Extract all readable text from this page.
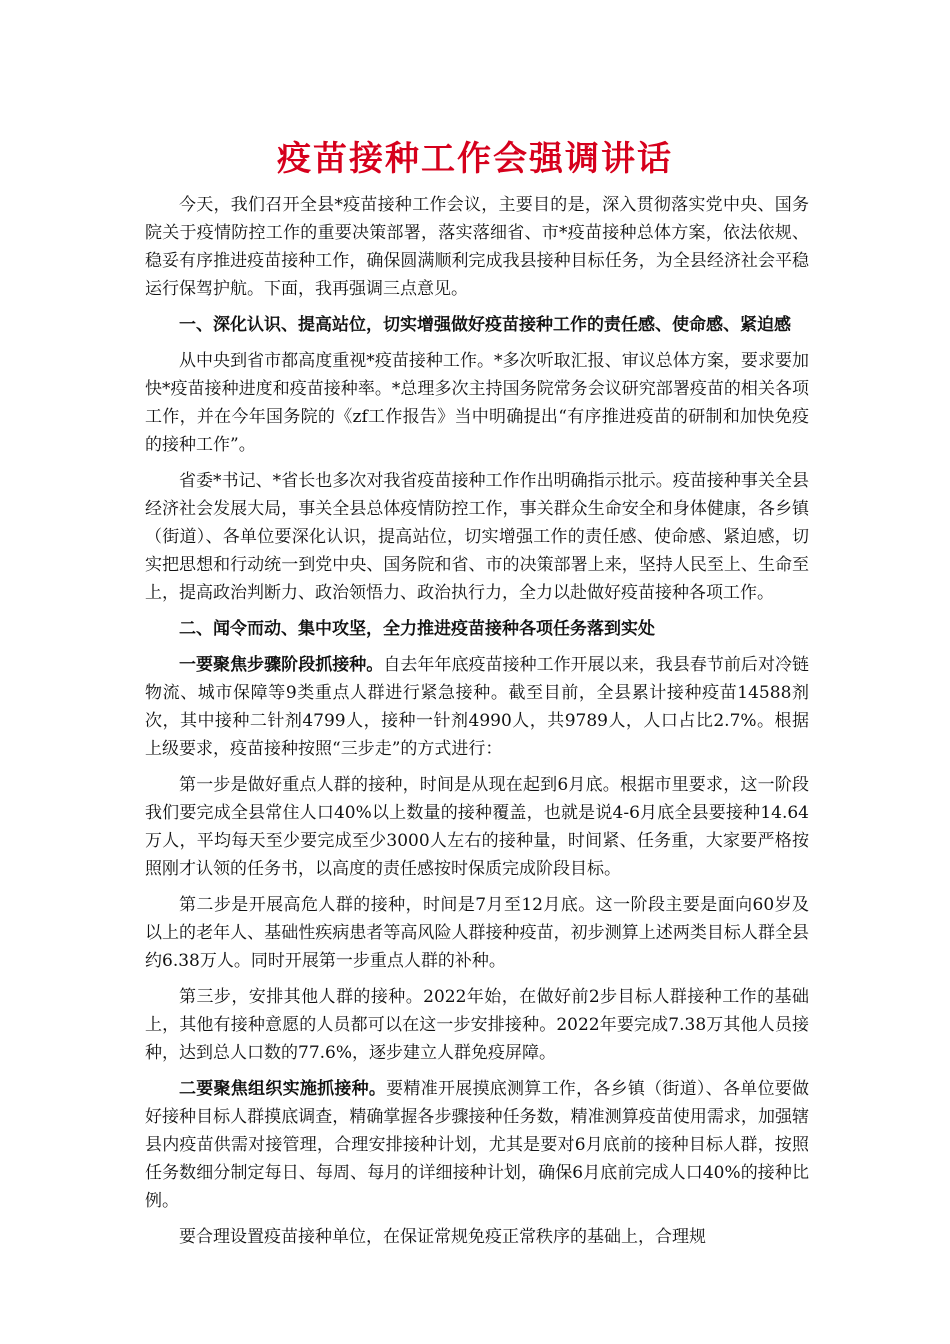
疫苗接种工作会强调讲话

今天，我们召开全县*疫苗接种工作会议，主要目的是，深入贯彻落实党中央、国务院关于疫情防控工作的重要决策部署，落实落细省、市*疫苗接种总体方案，依法依规、稳妥有序推进疫苗接种工作，确保圆满顺利完成我县接种目标任务，为全县经济社会平稳运行保驾护航。下面，我再强调三点意见。

一、深化认识、提高站位，切实增强做好疫苗接种工作的责任感、使命感、紧迫感

从中央到省市都高度重视*疫苗接种工作。*多次听取汇报、审议总体方案，要求要加快*疫苗接种进度和疫苗接种率。*总理多次主持国务院常务会议研究部署疫苗的相关各项工作，并在今年国务院的《zf工作报告》当中明确提出“有序推进疫苗的研制和加快免疫的接种工作”。

省委*书记、*省长也多次对我省疫苗接种工作作出明确指示批示。疫苗接种事关全县经济社会发展大局，事关全县总体疫情防控工作，事关群众生命安全和身体健康，各乡镇（街道）、各单位要深化认识，提高站位，切实增强工作的责任感、使命感、紧迫感，切实把思想和行动统一到党中央、国务院和省、市的决策部署上来，坚持人民至上、生命至上，提高政治判断力、政治领悟力、政治执行力，全力以赴做好疫苗接种各项工作。

二、闻令而动、集中攻坚，全力推进疫苗接种各项任务落到实处

一要聚焦步骤阶段抓接种。自去年年底疫苗接种工作开展以来，我县春节前后对冷链物流、城市保障等9类重点人群进行紧急接种。截至目前，全县累计接种疫苗14588剂次，其中接种二针剂4799人，接种一针剂4990人，共9789人，人口占比2.7%。根据上级要求，疫苗接种按照“三步走”的方式进行：

第一步是做好重点人群的接种，时间是从现在起到6月底。根据市里要求，这一阶段我们要完成全县常住人口40%以上数量的接种覆盖，也就是说4-6月底全县要接种14.64万人，平均每天至少要完成至少3000人左右的接种量，时间紧、任务重，大家要严格按照刚才认领的任务书，以高度的责任感按时保质完成阶段目标。

第二步是开展高危人群的接种，时间是7月至12月底。这一阶段主要是面向60岁及以上的老年人、基础性疾病患者等高风险人群接种疫苗，初步测算上述两类目标人群全县约6.38万人。同时开展第一步重点人群的补种。

第三步，安排其他人群的接种。2022年始，在做好前2步目标人群接种工作的基础上，其他有接种意愿的人员都可以在这一步安排接种。2022年要完成7.38万其他人员接种，达到总人口数的77.6%，逐步建立人群免疫屏障。

二要聚焦组织实施抓接种。要精准开展摸底测算工作，各乡镇（街道）、各单位要做好接种目标人群摸底调查，精确掌握各步骤接种任务数，精准测算疫苗使用需求，加强辖县内疫苗供需对接管理，合理安排接种计划，尤其是要对6月底前的接种目标人群，按照任务数细分制定每日、每周、每月的详细接种计划，确保6月底前完成人口40%的接种比例。

要合理设置疫苗接种单位，在保证常规免疫正常秩序的基础上，合理规
